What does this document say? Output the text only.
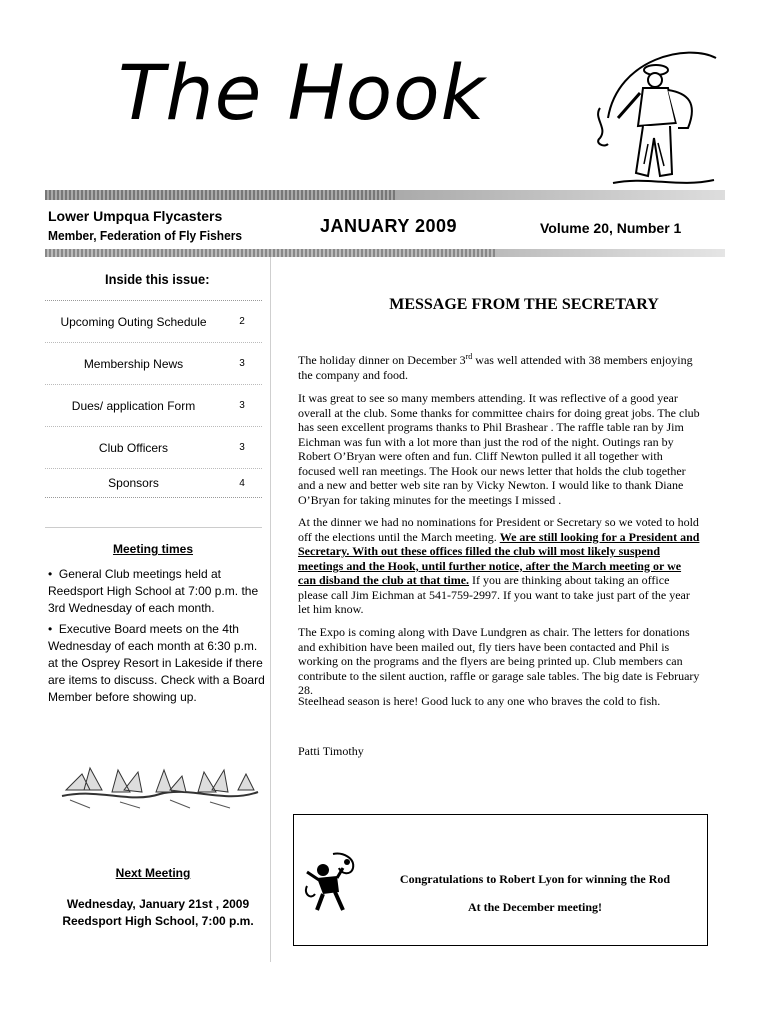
The Hook
Lower Umpqua Flycasters
Member, Federation of Fly Fishers	JANUARY 2009	Volume 20, Number 1
Inside this issue:
Upcoming Outing Schedule	2
Membership News	3
Dues/ application Form	3
Club Officers	3
Sponsors	4
Meeting times
•  General Club meetings held at Reedsport High School at 7:00 p.m. the 3rd Wednesday of each month.
•  Executive Board meets on the 4th Wednesday of each month at 6:30 p.m. at the Osprey Resort in Lakeside if there are items to discuss. Check with a Board Member before showing up.
Next Meeting
Wednesday, January 21st , 2009
Reedsport High School, 7:00 p.m.
MESSAGE FROM THE SECRETARY
The holiday dinner on December 3rd was well attended with 38 members enjoying the company and food.
It was great to see so many members attending. It was reflective of a good year overall at the club. Some thanks for committee chairs for doing great jobs. The club has seen excellent programs thanks to Phil Brashear . The raffle table ran by Jim Eichman was fun with a lot more than just the rod of the night. Outings ran by Robert O’Bryan were often and fun. Cliff Newton pulled it all together with focused well ran meetings. The Hook our news letter that holds the club together and a new and better web site ran by Vicky Newton. I would like to thank Diane O’Bryan for taking minutes for the meetings I missed .
At the dinner we had no nominations for President or Secretary so we voted to hold off the elections until the March meeting. We are still looking for a President and Secretary. With out these offices filled the club will most likely suspend meetings and the Hook, until further notice, after the March meeting or we can disband the club at that time. If you are thinking about taking an office please call Jim Eichman at 541-759-2997. If you want to take just part of the year let him know.
The Expo is coming along with Dave Lundgren as chair. The letters for donations and exhibition have been mailed out, fly tiers have been contacted and Phil is working on the programs and the flyers are being printed up. Club members can contribute to the silent auction, raffle or garage sale tables. The big date is February 28.
Steelhead season is here! Good luck to any one who braves the cold to fish.
Patti Timothy
Congratulations to Robert Lyon for winning the Rod
At the December meeting!
